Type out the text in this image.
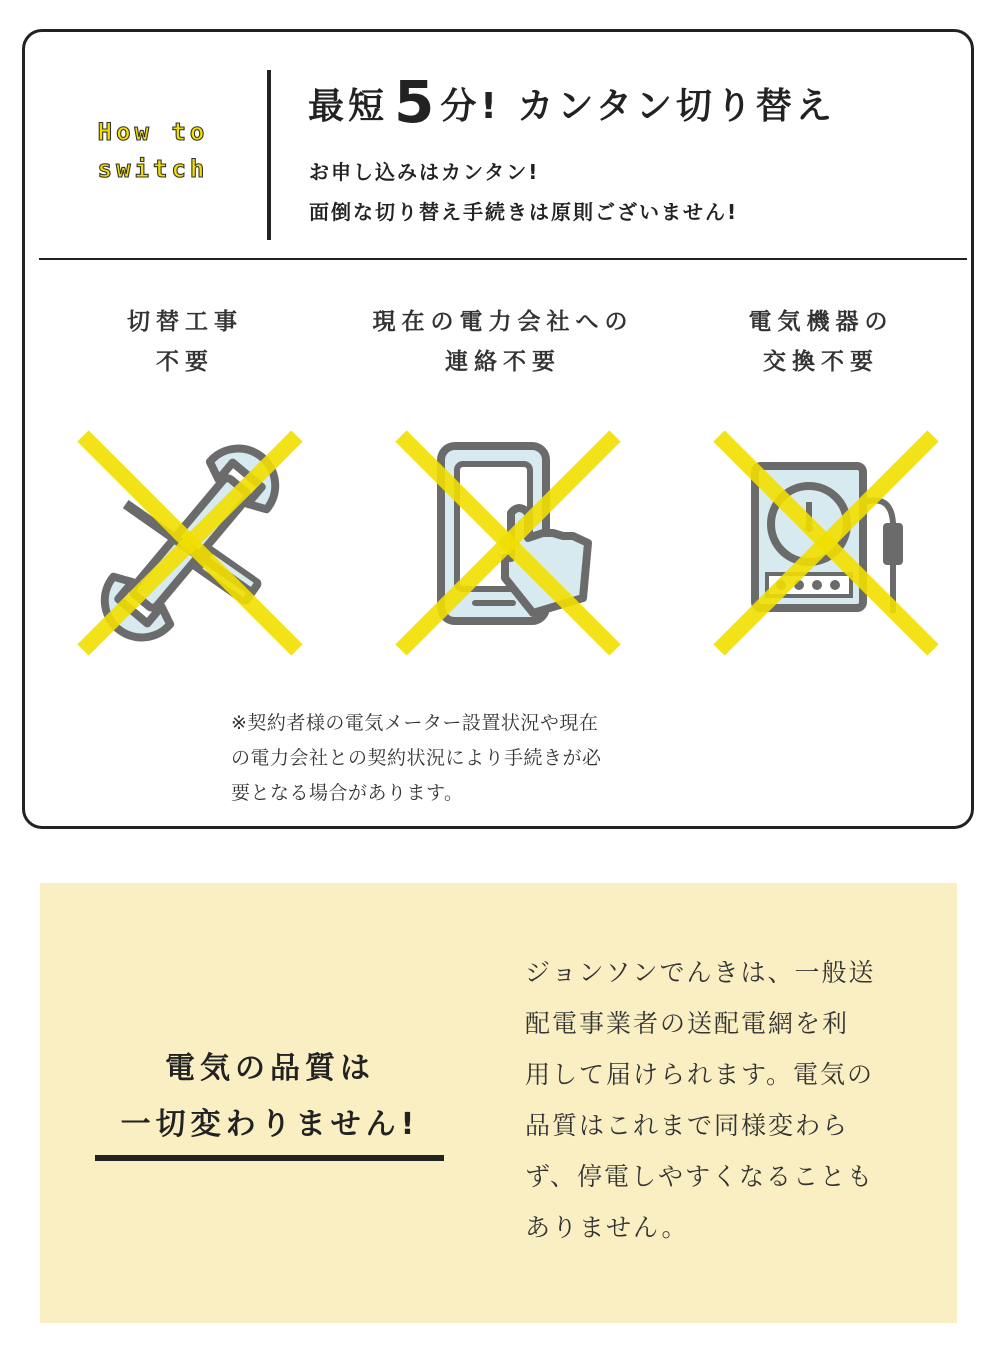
How to
switch
最短 5 分! カンタン切り替え
お申し込みはカンタン!
面倒な切り替え手続きは原則ございません!
切替工事
不要
現在の電力会社への
連絡不要
電気機器の
交換不要
※契約者様の電気メーター設置状況や現在
の電力会社との契約状況により手続きが必
要となる場合があります。
電気の品質は
一切変わりません!
ジョンソンでんきは、一般送
配電事業者の送配電網を利
用して届けられます。電気の
品質はこれまで同様変わら
ず、停電しやすくなることも
ありません。
